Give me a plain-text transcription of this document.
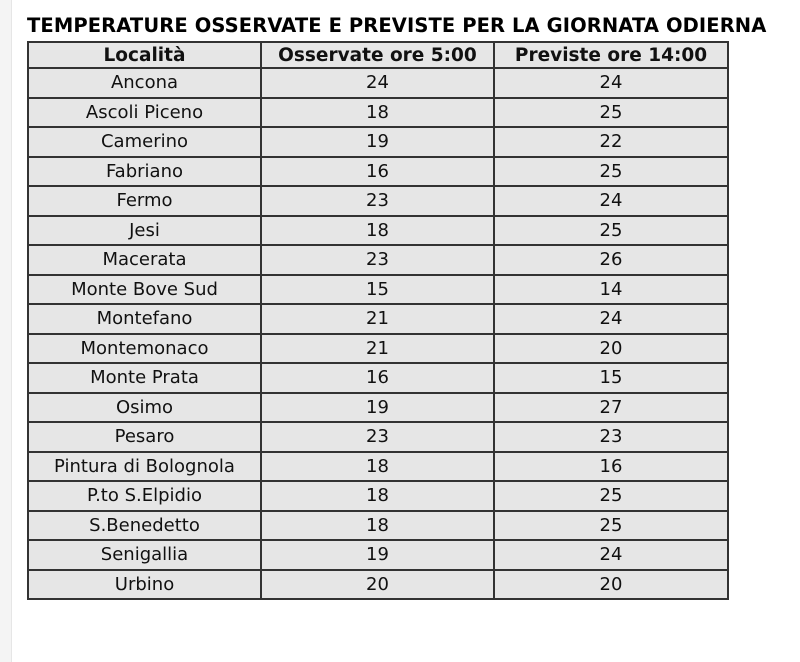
TEMPERATURE OSSERVATE E PREVISTE PER LA GIORNATA ODIERNA
Località	Osservate ore 5:00	Previste ore 14:00
Ancona	24	24
Ascoli Piceno	18	25
Camerino	19	22
Fabriano	16	25
Fermo	23	24
Jesi	18	25
Macerata	23	26
Monte Bove Sud	15	14
Montefano	21	24
Montemonaco	21	20
Monte Prata	16	15
Osimo	19	27
Pesaro	23	23
Pintura di Bolognola	18	16
P.to S.Elpidio	18	25
S.Benedetto	18	25
Senigallia	19	24
Urbino	20	20
